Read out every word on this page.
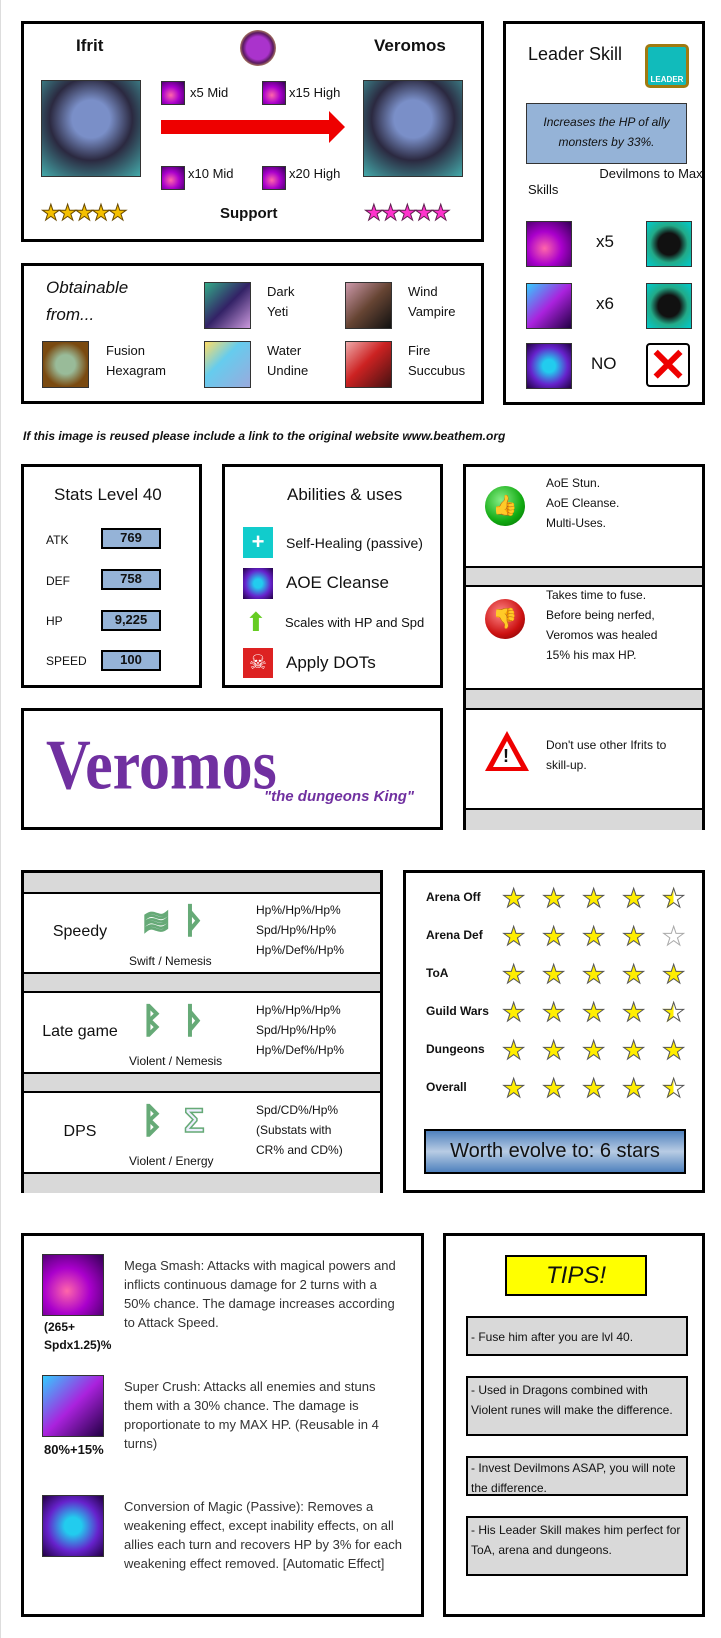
Ifrit	Veromos
x5 Mid	x15 High
x10 Mid	x20 High
★★★★★	Support	★★★★★
Obtainable from...
Dark
Yeti
Wind
Vampire
Fusion
Hexagram
Water
Undine
Fire
Succubus
Leader Skill
LEADER
Increases the HP of ally monsters by 33%.
Skills
Devilmons to Max
x5
x6
NO ✕
If this image is reused please include a link to the original website www.beathem.org
Stats Level 40
ATK	769
DEF	758
HP	9,225
SPEED	100
Abilities & uses
+	Self-Healing (passive)
AOE Cleanse
⬆ Scales with HP and Spd
☠	Apply DOTs
👍
AoE Stun.
AoE Cleanse.
Multi-Uses.
👎
Takes time to fuse.
Before being nerfed,
Veromos was healed
15% his max HP.
!
Don't use other Ifrits to
skill-up.
Veromos
"the dungeons King"
Speedy	≋ ᚦ
Swift / Nemesis
Hp%/Hp%/Hp%
Spd/Hp%/Hp%
Hp%/Def%/Hp%
Late game ᛒ ᚦ
Violent / Nemesis
Hp%/Hp%/Hp%
Spd/Hp%/Hp%
Hp%/Def%/Hp%
DPS	ᛒ Σ
Violent / Energy
Spd/CD%/Hp%
(Substats with
CR% and CD%)
Arena Off ★ ★ ★ ★ ★
Arena Def ★ ★ ★ ★ ★
ToA ★ ★ ★ ★ ★
Guild Wars ★ ★ ★ ★ ★
Dungeons ★ ★ ★ ★ ★
Overall ★ ★ ★ ★ ★
Worth evolve to: 6 stars
(265+ Spdx1.25)%
Mega Smash: Attacks with magical powers and inflicts continuous damage for 2 turns with a 50% chance. The damage increases according to Attack Speed.
80%+15%
Super Crush: Attacks all enemies and stuns them with a 30% chance. The damage is proportionate to my MAX HP. (Reusable in 4 turns)
Conversion of Magic (Passive): Removes a weakening effect, except inability effects, on all allies each turn and recovers HP by 3% for each weakening effect removed. [Automatic Effect]
TIPS!
- Fuse him after you are lvl 40.
- Used in Dragons combined with Violent runes will make the difference.
- Invest Devilmons ASAP, you will note the difference.
- His Leader Skill makes him perfect for ToA, arena and dungeons.
